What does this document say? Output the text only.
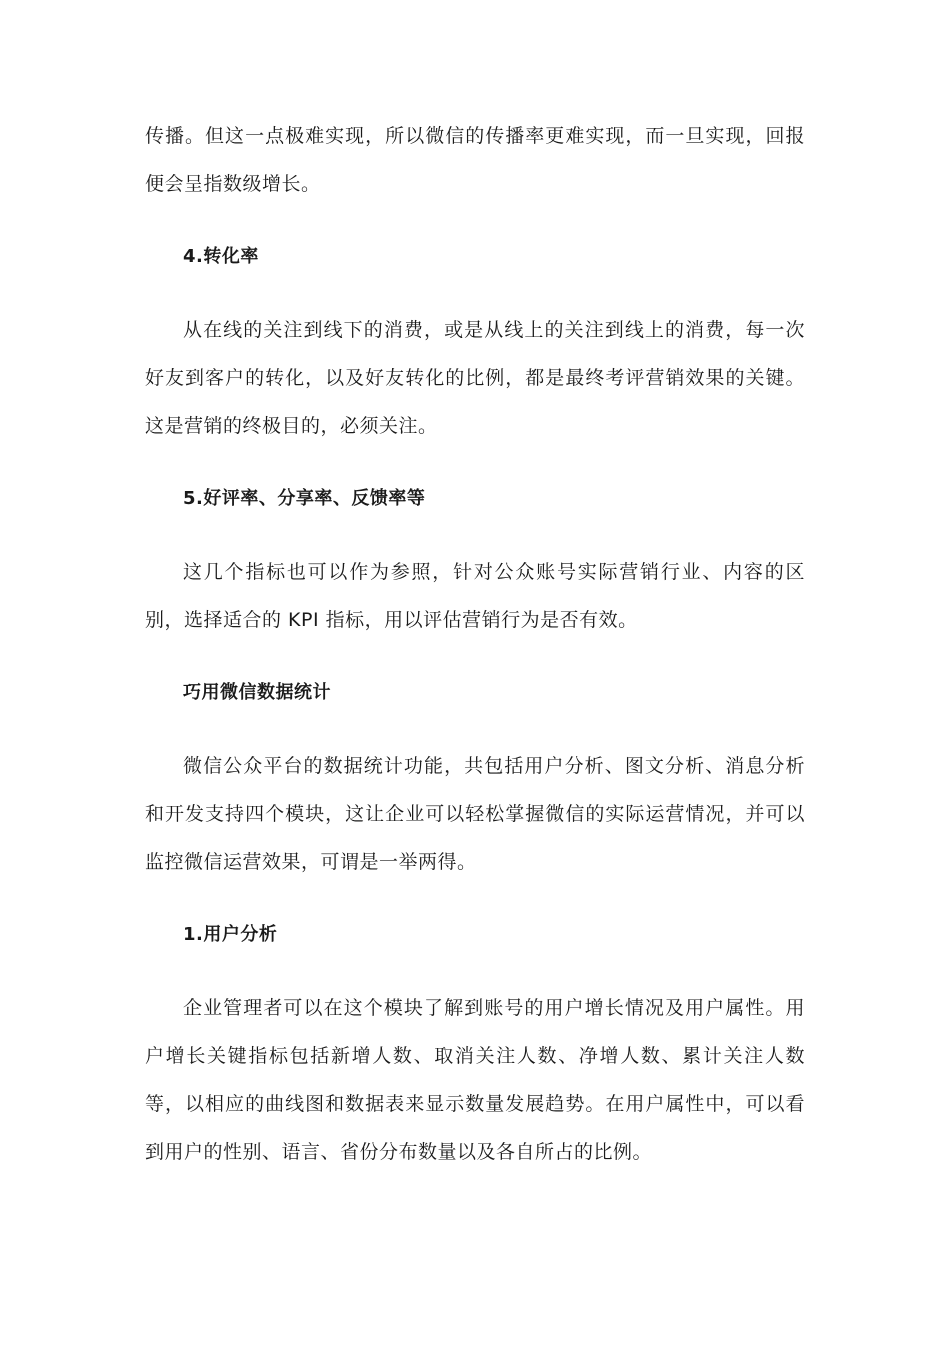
传播。但这一点极难实现，所以微信的传播率更难实现，而一旦实现，回报便会呈指数级增长。

4.转化率

从在线的关注到线下的消费，或是从线上的关注到线上的消费，每一次好友到客户的转化，以及好友转化的比例，都是最终考评营销效果的关键。这是营销的终极目的，必须关注。

5.好评率、分享率、反馈率等

这几个指标也可以作为参照，针对公众账号实际营销行业、内容的区别，选择适合的 KPI 指标，用以评估营销行为是否有效。

巧用微信数据统计

微信公众平台的数据统计功能，共包括用户分析、图文分析、消息分析和开发支持四个模块，这让企业可以轻松掌握微信的实际运营情况，并可以监控微信运营效果，可谓是一举两得。

1.用户分析

企业管理者可以在这个模块了解到账号的用户增长情况及用户属性。用户增长关键指标包括新增人数、取消关注人数、净增人数、累计关注人数等，以相应的曲线图和数据表来显示数量发展趋势。在用户属性中，可以看到用户的性别、语言、省份分布数量以及各自所占的比例。
